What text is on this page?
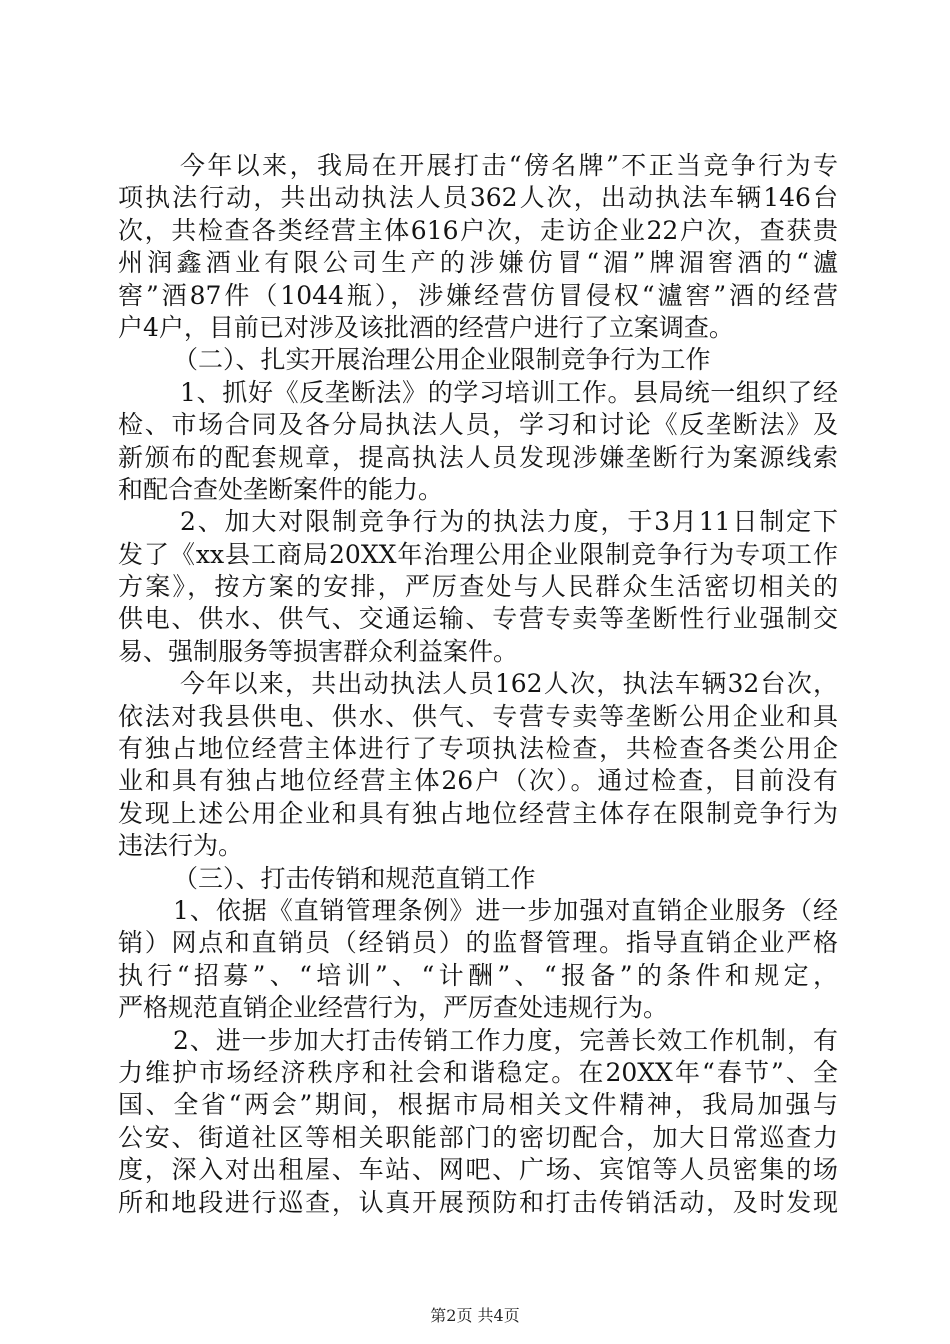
今年以来，我局在开展打击“傍名牌”不正当竞争行为专
项执法行动，共出动执法人员362人次，出动执法车辆146台
次，共检查各类经营主体616户次，走访企业22户次，查获贵
州润鑫酒业有限公司生产的涉嫌仿冒“湄”牌湄窖酒的“瀘
窖”酒87件（1044瓶），涉嫌经营仿冒侵权“瀘窖”酒的经营
户4户，目前已对涉及该批酒的经营户进行了立案调查。
（二）、扎实开展治理公用企业限制竞争行为工作
1、抓好《反垄断法》的学习培训工作。县局统一组织了经
检、市场合同及各分局执法人员，学习和讨论《反垄断法》及
新颁布的配套规章，提高执法人员发现涉嫌垄断行为案源线索
和配合查处垄断案件的能力。
2、加大对限制竞争行为的执法力度，于3月11日制定下
发了《xx县工商局20XX年治理公用企业限制竞争行为专项工作
方案》，按方案的安排，严厉查处与人民群众生活密切相关的
供电、供水、供气、交通运输、专营专卖等垄断性行业强制交
易、强制服务等损害群众利益案件。
今年以来，共出动执法人员162人次，执法车辆32台次，
依法对我县供电、供水、供气、专营专卖等垄断公用企业和具
有独占地位经营主体进行了专项执法检查，共检查各类公用企
业和具有独占地位经营主体26户（次）。通过检查，目前没有
发现上述公用企业和具有独占地位经营主体存在限制竞争行为
违法行为。
（三）、打击传销和规范直销工作
1、依据《直销管理条例》进一步加强对直销企业服务（经
销）网点和直销员（经销员）的监督管理。指导直销企业严格
执行“招募”、“培训”、“计酬”、“报备”的条件和规定，
严格规范直销企业经营行为，严厉查处违规行为。
2、进一步加大打击传销工作力度，完善长效工作机制，有
力维护市场经济秩序和社会和谐稳定。在20XX年“春节”、全
国、全省“两会”期间，根据市局相关文件精神，我局加强与
公安、街道社区等相关职能部门的密切配合，加大日常巡查力
度，深入对出租屋、车站、网吧、广场、宾馆等人员密集的场
所和地段进行巡查，认真开展预防和打击传销活动，及时发现
第2页 共4页
